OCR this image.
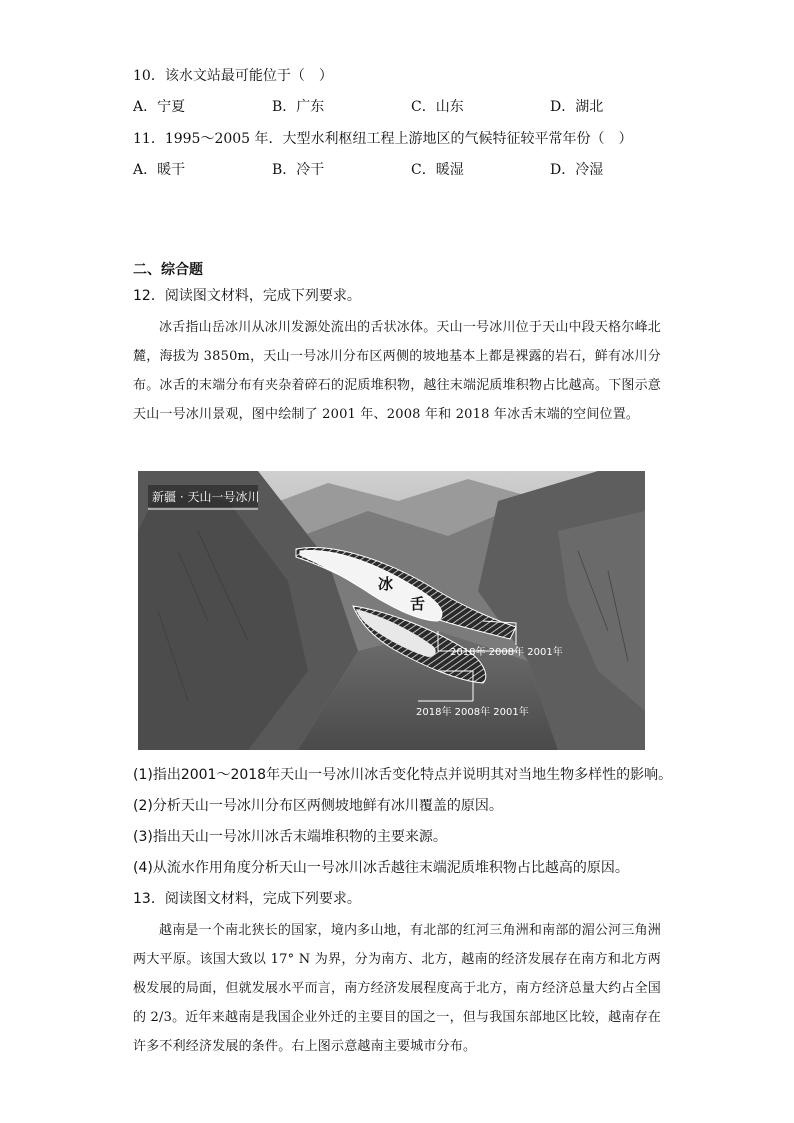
10．该水文站最可能位于（　）
A．宁夏	B．广东	C．山东	D．湖北
11．1995～2005 年．大型水利枢纽工程上游地区的气候特征较平常年份（　）
A．暖干	B．冷干	C．暖湿	D．冷湿
二、综合题
12．阅读图文材料，完成下列要求。

冰舌指山岳冰川从冰川发源处流出的舌状冰体。天山一号冰川位于天山中段天格尔峰北麓，海拔为 3850m，天山一号冰川分布区两侧的坡地基本上都是裸露的岩石，鲜有冰川分布。冰舌的末端分布有夹杂着碎石的泥质堆积物，越往末端泥质堆积物占比越高。下图示意天山一号冰川景观，图中绘制了 2001 年、2008 年和 2018 年冰舌末端的空间位置。

新疆 · 天山一号冰川
冰
舌
2018年 2008年 2001年
2018年 2008年 2001年
(1)指出2001～2018年天山一号冰川冰舌变化特点并说明其对当地生物多样性的影响。
(2)分析天山一号冰川分布区两侧坡地鲜有冰川覆盖的原因。
(3)指出天山一号冰川冰舌末端堆积物的主要来源。
(4)从流水作用角度分析天山一号冰川冰舌越往末端泥质堆积物占比越高的原因。
13．阅读图文材料，完成下列要求。

越南是一个南北狭长的国家，境内多山地，有北部的红河三角洲和南部的湄公河三角洲两大平原。该国大致以 17° N 为界，分为南方、北方，越南的经济发展存在南方和北方两极发展的局面，但就发展水平而言，南方经济发展程度高于北方，南方经济总量大约占全国的 2/3。近年来越南是我国企业外迁的主要目的国之一，但与我国东部地区比较，越南存在许多不利经济发展的条件。右上图示意越南主要城市分布。
